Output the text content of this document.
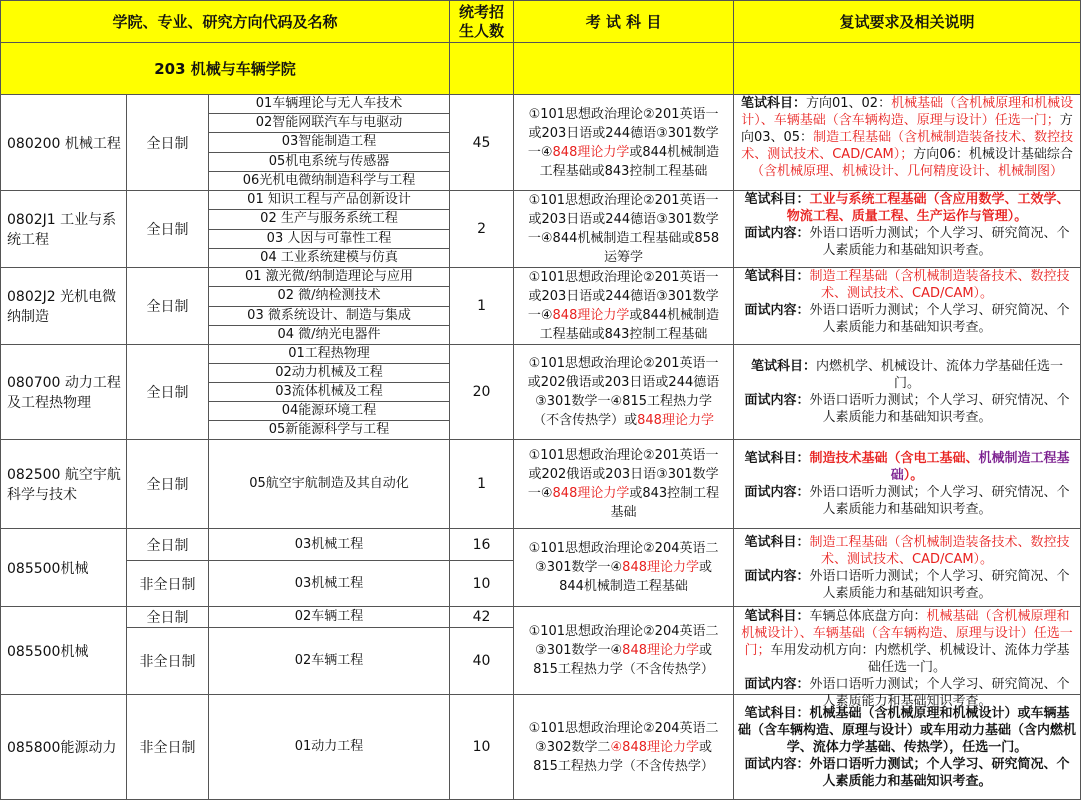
学院、专业、研究方向代码及名称			统考招
生人数	考 试 科 目	复试要求及相关说明
203 机械与车辆学院					
080200 机械工程	全日制	01车辆理论与无人车技术	45	①101思想政治理论②201英语一
或203日语或244德语③301数学
一④848理论力学或844机械制造
工程基础或843控制工程基础	笔试科目：方向01、02：机械基础（含机械原理和机械设计）、车辆基础（含车辆构造、原理与设计）任选一门；方向03、05：制造工程基础（含机械制造装备技术、数控技术、测试技术、CAD/CAM）；方向06：机械设计基础综合（含机械原理、机械设计、几何精度设计、机械制图）

		02智能网联汽车与电驱动			
		03智能制造工程			
		05机电系统与传感器			
		06光机电微纳制造科学与工程			
0802J1 工业与系统工程	全日制	01 知识工程与产品创新设计	2	①101思想政治理论②201英语一
或203日语或244德语③301数学
一④844机械制造工程基础或858
运筹学	笔试科目：工业与系统工程基础（含应用数学、工效学、物流工程、质量工程、生产运作与管理）。
面试内容：外语口语听力测试；个人学习、研究简况、个人素质能力和基础知识考查。

		02 生产与服务系统工程			
		03 人因与可靠性工程			
		04 工业系统建模与仿真			
0802J2 光机电微纳制造	全日制	01 激光微/纳制造理论与应用	1	①101思想政治理论②201英语一
或203日语或244德语③301数学
一④848理论力学或844机械制造
工程基础或843控制工程基础	笔试科目：制造工程基础（含机械制造装备技术、数控技术、测试技术、CAD/CAM）。
面试内容：外语口语听力测试；个人学习、研究简况、个人素质能力和基础知识考查。

		02 微/纳检测技术			
		03 微系统设计、制造与集成			
		04 微/纳光电器件			
080700 动力工程及工程热物理	全日制	01工程热物理	20	①101思想政治理论②201英语一
或202俄语或203日语或244德语
③301数学一④815工程热力学
（不含传热学）或848理论力学	笔试科目：内燃机学、机械设计、流体力学基础任选一门。
面试内容：外语口语听力测试；个人学习、研究情况、个人素质能力和基础知识考查。
		02动力机械及工程			
		03流体机械及工程			
		04能源环境工程			
		05新能源科学与工程			
082500 航空宇航科学与技术	全日制	05航空宇航制造及其自动化	1	①101思想政治理论②201英语一
或202俄语或203日语③301数学
一④848理论力学或843控制工程
基础	笔试科目：制造技术基础（含电工基础、机械制造工程基础）。
面试内容：外语口语听力测试；个人学习、研究情况、个人素质能力和基础知识考查。
085500机械	全日制	03机械工程	16	①101思想政治理论②204英语二
③301数学一④848理论力学或
844机械制造工程基础	笔试科目：制造工程基础（含机械制造装备技术、数控技术、测试技术、CAD/CAM）。
面试内容：外语口语听力测试；个人学习、研究简况、个人素质能力和基础知识考查。
	非全日制	03机械工程	10		
085500机械	全日制	02车辆工程	42	①101思想政治理论②204英语二
③301数学一④848理论力学或
815工程热力学（不含传热学）	笔试科目：车辆总体底盘方向：机械基础（含机械原理和机械设计）、车辆基础（含车辆构造、原理与设计）任选一门；车用发动机方向：内燃机学、机械设计、流体力学基础任选一门。
面试内容：外语口语听力测试；个人学习、研究简况、个人素质能力和基础知识考查。

	非全日制	02车辆工程	40		
085800能源动力	非全日制	01动力工程	10	①101思想政治理论②204英语二
③302数学二④848理论力学或
815工程热力学（不含传热学）	笔试科目：机械基础（含机械原理和机械设计）或车辆基础（含车辆构造、原理与设计）或车用动力基础（含内燃机学、流体力学基础、传热学），任选一门。
面试内容：外语口语听力测试；个人学习、研究简况、个人素质能力和基础知识考查。
